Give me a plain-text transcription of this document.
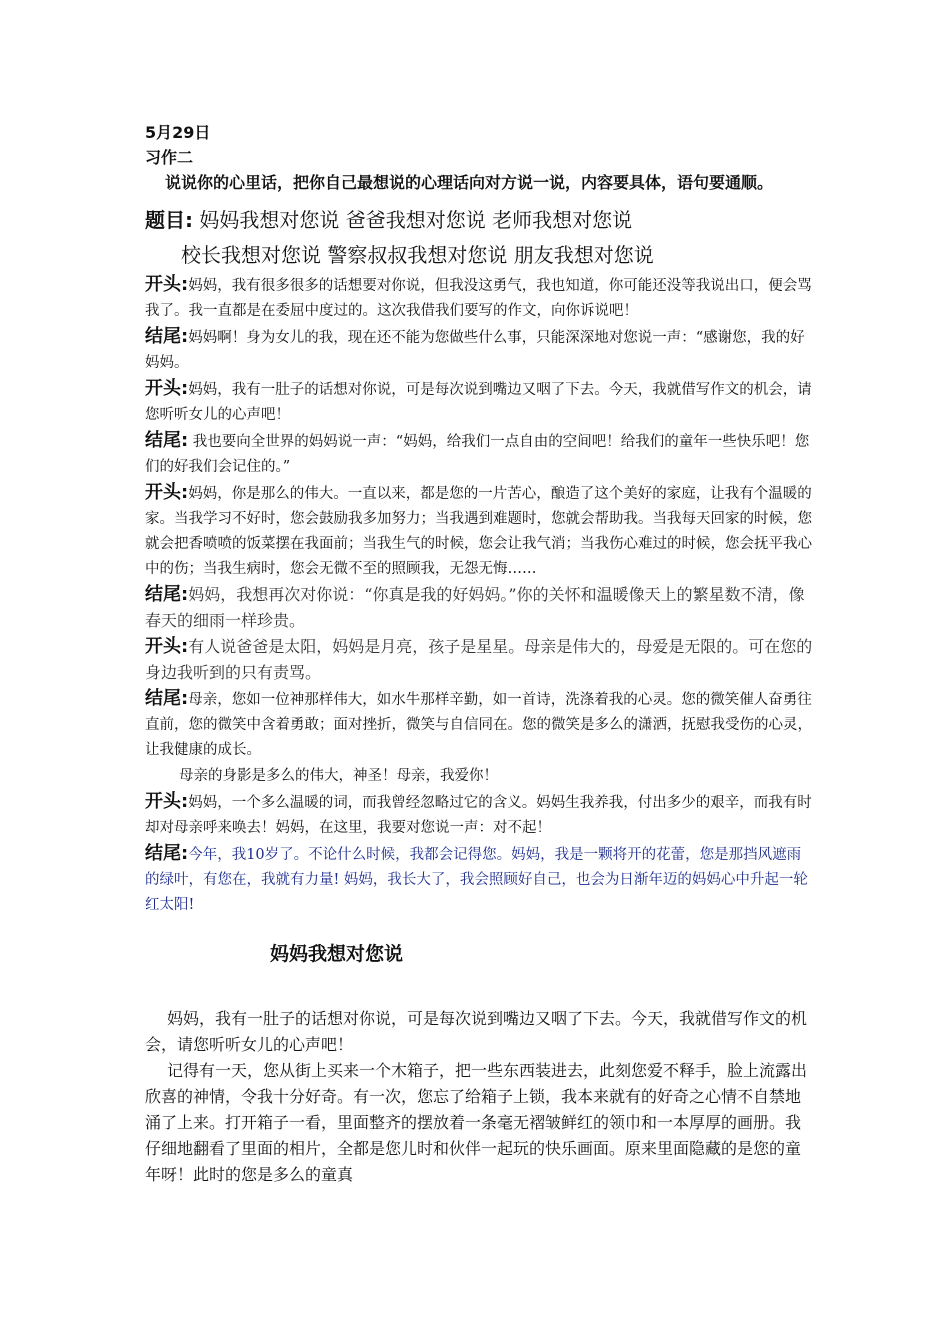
5月29日
习作二

说说你的心里话，把你自己最想说的心理话向对方说一说，内容要具体，语句要通顺。

题目: 妈妈我想对您说 爸爸我想对您说 老师我想对您说

校长我想对您说 警察叔叔我想对您说 朋友我想对您说

开头:妈妈，我有很多很多的话想要对你说，但我没这勇气，我也知道，你可能还没等我说出口，便会骂我了。我一直都是在委屈中度过的。这次我借我们要写的作文，向你诉说吧！

结尾:妈妈啊！身为女儿的我，现在还不能为您做些什么事，只能深深地对您说一声：“感谢您，我的好妈妈。

开头:妈妈，我有一肚子的话想对你说，可是每次说到嘴边又咽了下去。今天，我就借写作文的机会，请您听听女儿的心声吧！

结尾: 我也要向全世界的妈妈说一声：“妈妈，给我们一点自由的空间吧！给我们的童年一些快乐吧！您们的好我们会记住的。”

开头:妈妈，你是那么的伟大。一直以来，都是您的一片苦心，酿造了这个美好的家庭，让我有个温暖的家。当我学习不好时，您会鼓励我多加努力；当我遇到难题时，您就会帮助我。当我每天回家的时候，您就会把香喷喷的饭菜摆在我面前；当我生气的时候，您会让我气消；当我伤心难过的时候，您会抚平我心中的伤；当我生病时，您会无微不至的照顾我，无怨无悔……

结尾:妈妈，我想再次对你说：“你真是我的好妈妈。”你的关怀和温暖像天上的繁星数不清，像春天的细雨一样珍贵。

开头:有人说爸爸是太阳，妈妈是月亮，孩子是星星。母亲是伟大的，母爱是无限的。可在您的身边我听到的只有责骂。

结尾:母亲，您如一位神那样伟大，如水牛那样辛勤，如一首诗，洗涤着我的心灵。您的微笑催人奋勇往直前，您的微笑中含着勇敢；面对挫折，微笑与自信同在。您的微笑是多么的潇洒，抚慰我受伤的心灵，让我健康的成长。

母亲的身影是多么的伟大，神圣！母亲，我爱你！

开头:妈妈，一个多么温暖的词，而我曾经忽略过它的含义。妈妈生我养我，付出多少的艰辛，而我有时却对母亲呼来唤去！妈妈，在这里，我要对您说一声：对不起！

结尾:今年，我10岁了。不论什么时候，我都会记得您。妈妈，我是一颗将开的花蕾，您是那挡风遮雨的绿叶，有您在，我就有力量! 妈妈，我长大了，我会照顾好自己，也会为日渐年迈的妈妈心中升起一轮红太阳!

妈妈我想对您说

妈妈，我有一肚子的话想对你说，可是每次说到嘴边又咽了下去。今天，我就借写作文的机会，请您听听女儿的心声吧！

记得有一天，您从街上买来一个木箱子，把一些东西装进去，此刻您爱不释手，脸上流露出欣喜的神情，令我十分好奇。有一次，您忘了给箱子上锁，我本来就有的好奇之心情不自禁地涌了上来。打开箱子一看，里面整齐的摆放着一条毫无褶皱鲜红的领巾和一本厚厚的画册。我仔细地翻看了里面的相片，全都是您儿时和伙伴一起玩的快乐画面。原来里面隐藏的是您的童年呀！此时的您是多么的童真
